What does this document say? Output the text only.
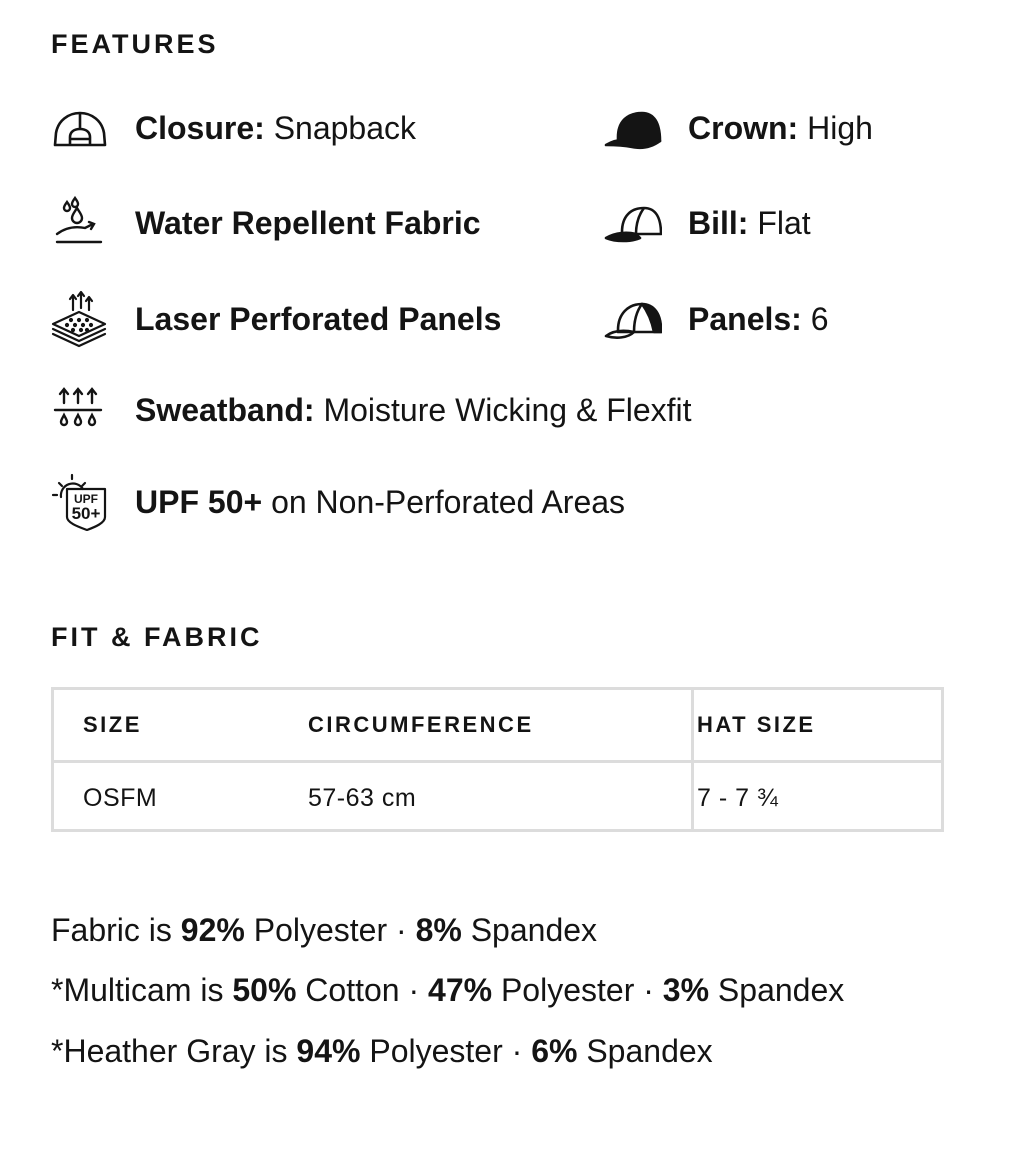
FEATURES
Closure: Snapback	Crown: High
Water Repellent Fabric	Bill: Flat
Laser Perforated Panels	Panels: 6
Sweatband: Moisture Wicking & Flexfit
UPF
50+ UPF 50+ on Non-Perforated Areas
FIT & FABRIC
SIZE	CIRCUMFERENCE	HAT SIZE
OSFM	57-63 cm	7 - 7 ¾
Fabric is 92% Polyester · 8% Spandex
*Multicam is 50% Cotton · 47% Polyester · 3% Spandex
*Heather Gray is 94% Polyester · 6% Spandex
